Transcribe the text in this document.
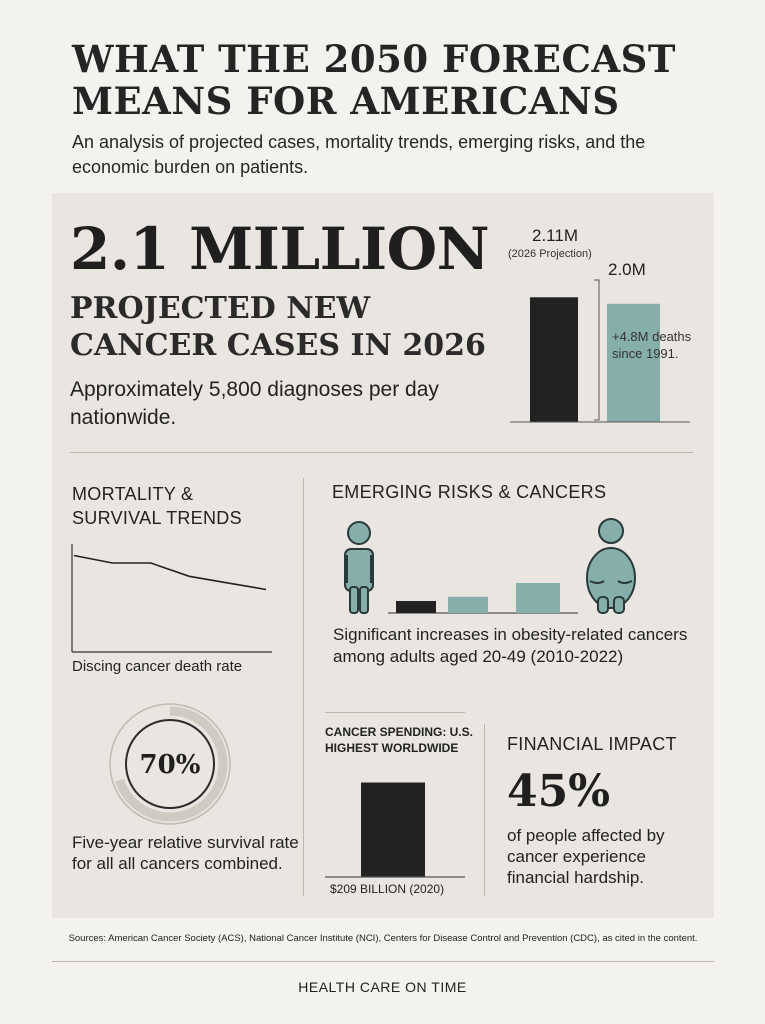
WHAT THE 2050 FORECAST MEANS FOR AMERICANS

An analysis of projected cases, mortality trends, emerging risks, and the economic burden on patients.

2.1 MILLION
PROJECTED NEW CANCER CASES IN 2026
Approximately 5,800 diagnoses per day nationwide.
2.11M
(2026 Projection)
2.0M
+4.8M deaths since 1991.
MORTALITY & SURVIVAL TRENDS
Discing cancer death rate
70%
Five-year relative survival rate for all all cancers combined.
EMERGING RISKS & CANCERS
Significant increases in obesity-related cancers among adults aged 20-49 (2010-2022)
CANCER SPENDING: U.S. HIGHEST WORLDWIDE
$209 BILLION (2020)
FINANCIAL IMPACT
45%
of people affected by cancer experience financial hardship.
Sources: American Cancer Society (ACS), National Cancer Institute (NCI), Centers for Disease Control and Prevention (CDC), as cited in the content.
HEALTH CARE ON TIME
